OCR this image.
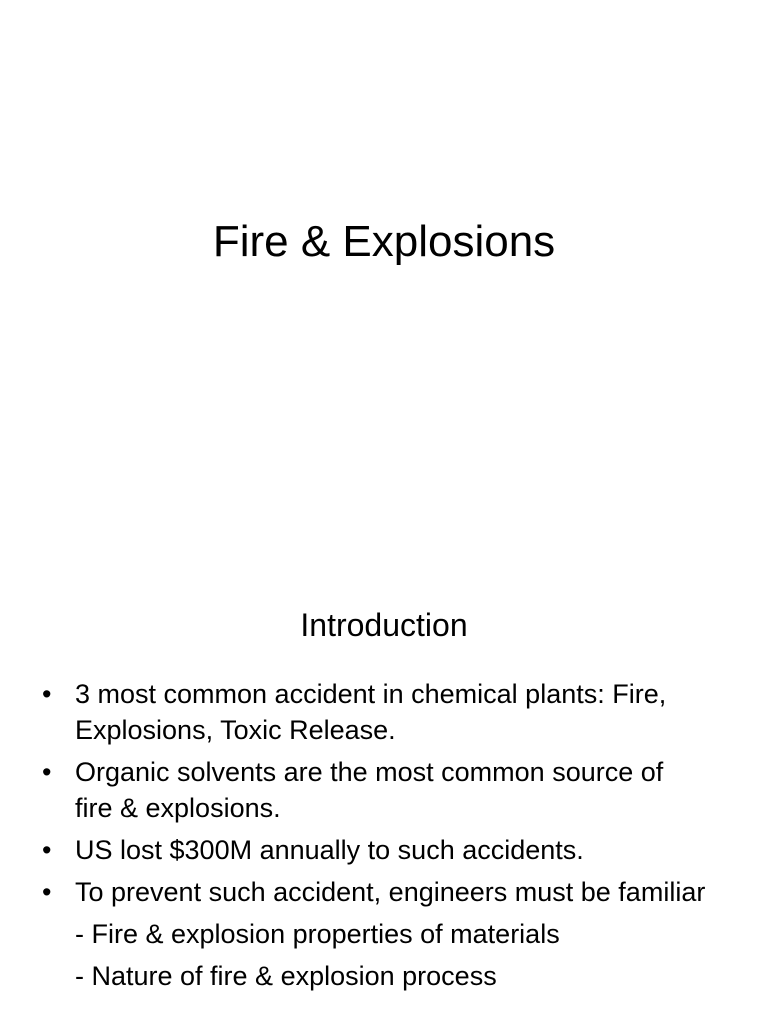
Fire & Explosions
Introduction
• 3 most common accident in chemical plants: Fire, Explosions, Toxic Release.
• Organic solvents are the most common source of fire & explosions.
• US lost $300M annually to such accidents.
• To prevent such accident, engineers must be familiar
- Fire & explosion properties of materials
- Nature of fire & explosion process
